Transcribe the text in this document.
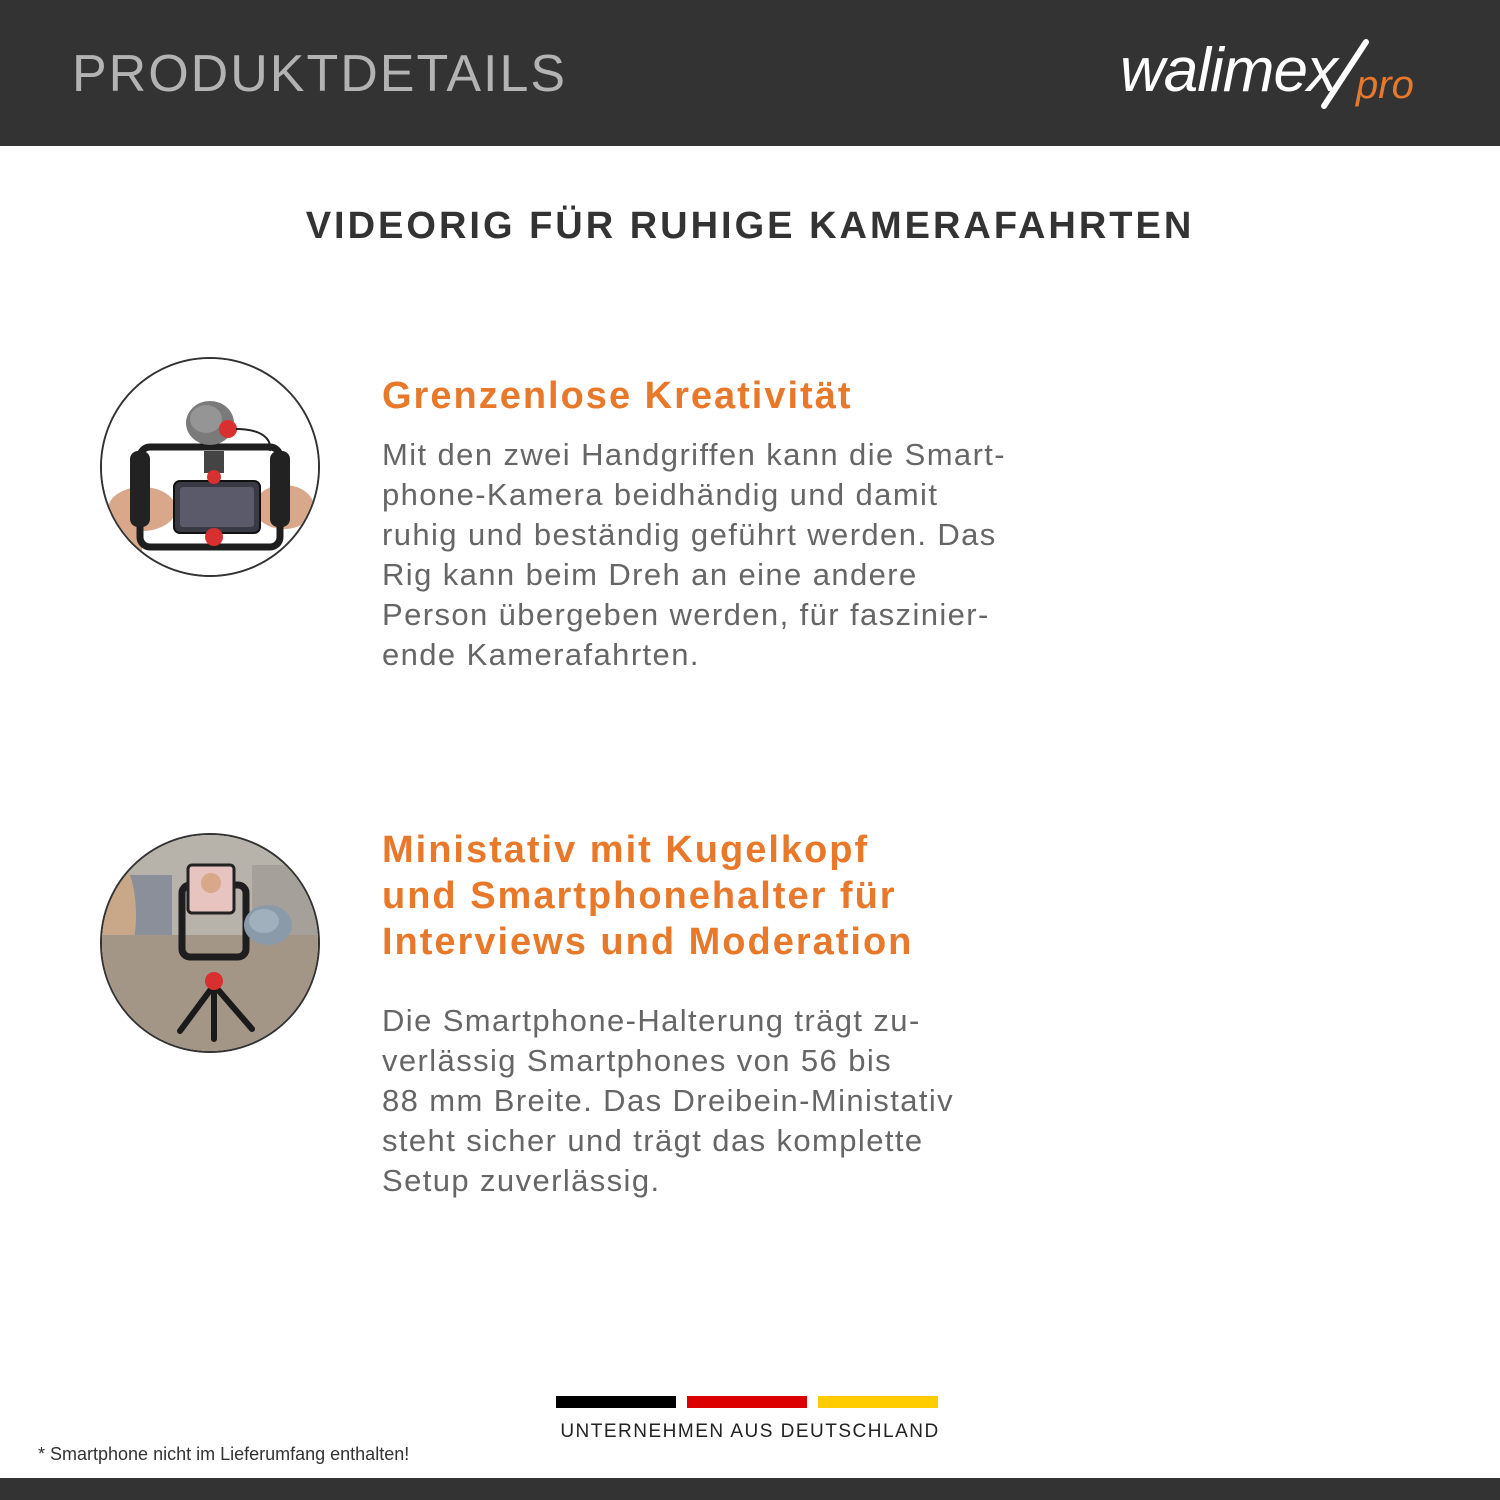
PRODUKTDETAILS	walimex pro
VIDEORIG FÜR RUHIGE KAMERAFAHRTEN
Grenzenlose Kreativität

Mit den zwei Handgriffen kann die Smart-
phone-Kamera beidhändig und damit
ruhig und beständig geführt werden. Das
Rig kann beim Dreh an eine andere
Person übergeben werden, für faszinier-
ende Kamerafahrten.

Ministativ mit Kugelkopf
und Smartphonehalter für
Interviews und Moderation

Die Smartphone-Halterung trägt zu-
verlässig Smartphones von 56 bis
88 mm Breite. Das Dreibein-Ministativ
steht sicher und trägt das komplette
Setup zuverlässig.

UNTERNEHMEN AUS DEUTSCHLAND
* Smartphone nicht im Lieferumfang enthalten!
